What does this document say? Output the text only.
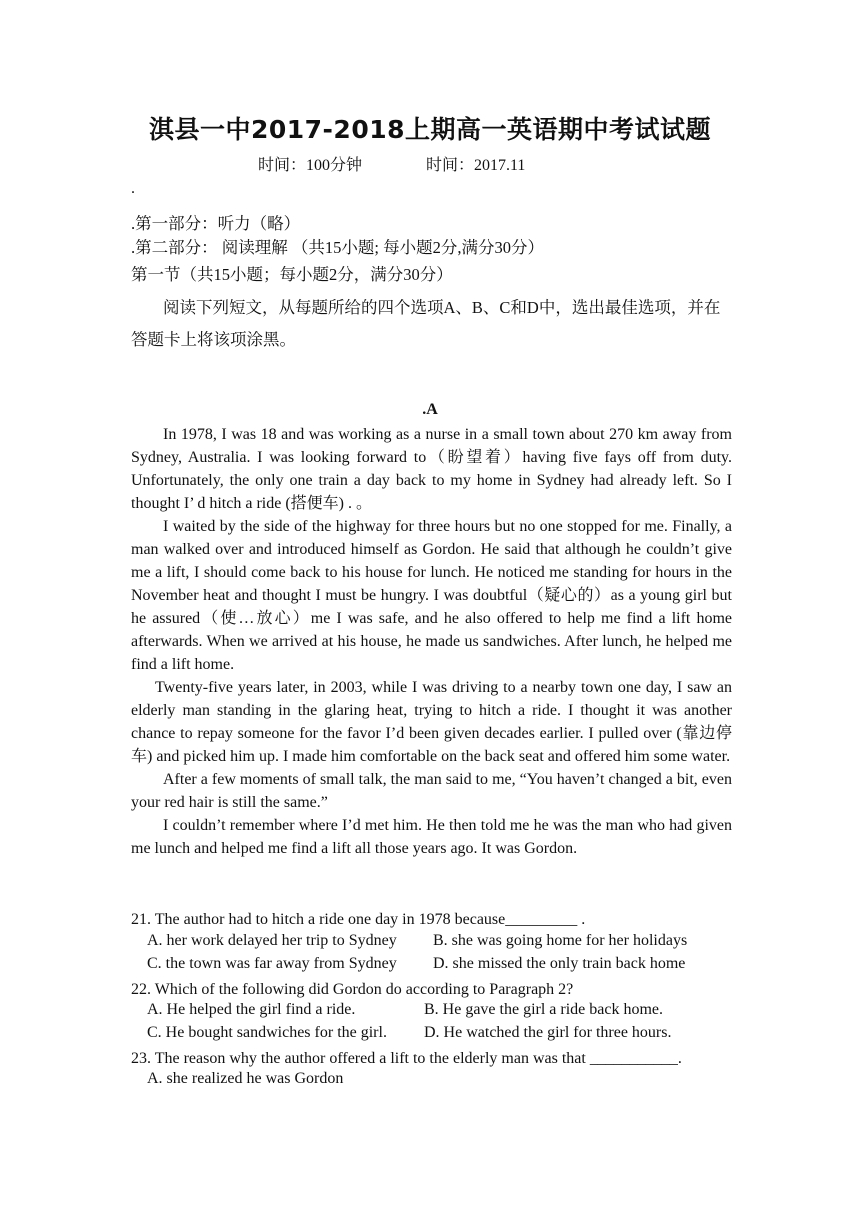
淇县一中2017-2018上期高一英语期中考试试题
时间：100分钟	时间：2017.11
.
.第一部分：听力（略）
.第二部分： 阅读理解 （共15小题; 每小题2分,满分30分）
第一节（共15小题；每小题2分，满分30分）
阅读下列短文，从每题所给的四个选项A、B、C和D中，选出最佳选项，并在答题卡上将该项涂黑。
.A

In 1978, I was 18 and was working as a nurse in a small town about 270 km away from Sydney, Australia. I was looking forward to（盼望着）having five fays off from duty. Unfortunately, the only one train a day back to my home in Sydney had already left. So I thought I’ d hitch a ride (搭便车) . 。

I waited by the side of the highway for three hours but no one stopped for me. Finally, a man walked over and introduced himself as Gordon. He said that although he couldn’t give me a lift, I should come back to his house for lunch. He noticed me standing for hours in the November heat and thought I must be hungry. I was doubtful（疑心的）as a young girl but he assured（使…放心）me I was safe, and he also offered to help me find a lift home afterwards. When we arrived at his house, he made us sandwiches. After lunch, he helped me find a lift home.

Twenty-five years later, in 2003, while I was driving to a nearby town one day, I saw an elderly man standing in the glaring heat, trying to hitch a ride. I thought it was another chance to repay someone for the favor I’d been given decades earlier. I pulled over (靠边停车) and picked him up. I made him comfortable on the back seat and offered him some water.

After a few moments of small talk, the man said to me, “You haven’t changed a bit, even your red hair is still the same.”

I couldn’t remember where I’d met him. He then told me he was the man who had given me lunch and helped me find a lift all those years ago. It was Gordon.

21. The author had to hitch a ride one day in 1978 because_________ .
A. her work delayed her trip to Sydney B. she was going home for her holidays
C. the town was far away from Sydney D. she missed the only train back home
22. Which of the following did Gordon do according to Paragraph 2?
A. He helped the girl find a ride.	B. He gave the girl a ride back home.
C. He bought sandwiches for the girl. D. He watched the girl for three hours.
23. The reason why the author offered a lift to the elderly man was that ___________.
A. she realized he was Gordon
